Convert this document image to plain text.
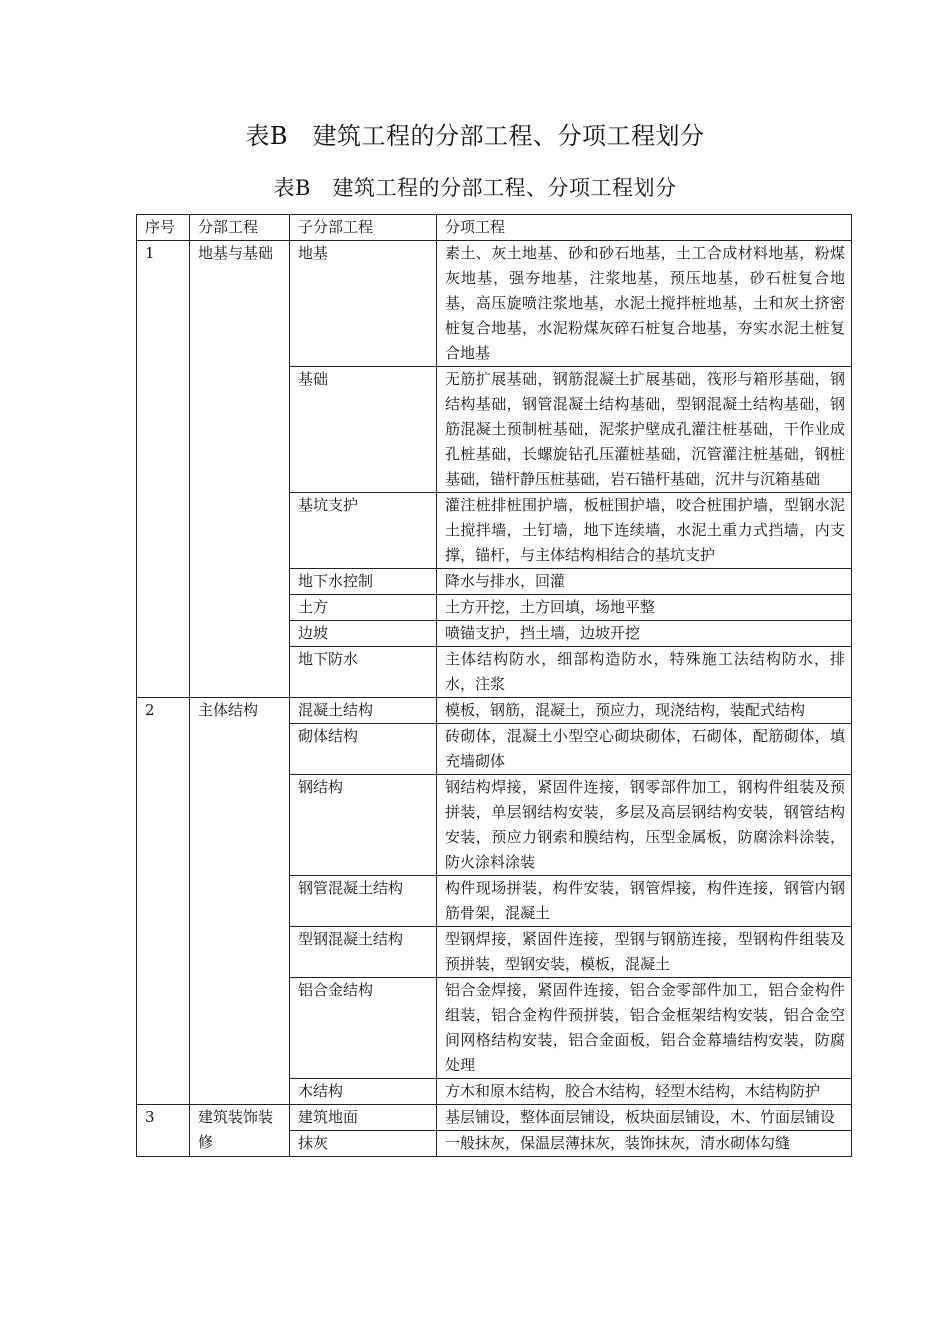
表B　建筑工程的分部工程、分项工程划分
表B　建筑工程的分部工程、分项工程划分
序号	分部工程	子分部工程	分项工程
1	地基与基础	地基	素土、灰土地基、砂和砂石地基，土工合成材料地基，粉煤灰地基，强夯地基，注浆地基，预压地基，砂石桩复合地基，高压旋喷注浆地基，水泥土搅拌桩地基，土和灰土挤密桩复合地基，水泥粉煤灰碎石桩复合地基，夯实水泥土桩复合地基
		基础	无筋扩展基础，钢筋混凝土扩展基础，筏形与箱形基础，钢结构基础，钢管混凝土结构基础，型钢混凝土结构基础，钢筋混凝土预制桩基础，泥浆护壁成孔灌注桩基础，干作业成孔桩基础，长螺旋钻孔压灌桩基础，沉管灌注桩基础，钢桩基础，锚杆静压桩基础，岩石锚杆基础，沉井与沉箱基础
		基坑支护	灌注桩排桩围护墙，板桩围护墙，咬合桩围护墙，型钢水泥土搅拌墙，土钉墙，地下连续墙，水泥土重力式挡墙，内支撑，锚杆，与主体结构相结合的基坑支护
		地下水控制	降水与排水，回灌
		土方	土方开挖，土方回填，场地平整
		边坡	喷锚支护，挡土墙，边坡开挖
		地下防水	主体结构防水，细部构造防水，特殊施工法结构防水，排水，注浆
2	主体结构	混凝土结构	模板，钢筋，混凝土，预应力，现浇结构，装配式结构
		砌体结构	砖砌体，混凝土小型空心砌块砌体，石砌体，配筋砌体，填充墙砌体
		钢结构	钢结构焊接，紧固件连接，钢零部件加工，钢构件组装及预拼装，单层钢结构安装，多层及高层钢结构安装，钢管结构安装，预应力钢索和膜结构，压型金属板，防腐涂料涂装，防火涂料涂装
		钢管混凝土结构	构件现场拼装，构件安装，钢管焊接，构件连接，钢管内钢筋骨架，混凝土
		型钢混凝土结构	型钢焊接，紧固件连接，型钢与钢筋连接，型钢构件组装及预拼装，型钢安装，模板，混凝土
		铝合金结构	铝合金焊接，紧固件连接，铝合金零部件加工，铝合金构件组装，铝合金构件预拼装，铝合金框架结构安装，铝合金空间网格结构安装，铝合金面板，铝合金幕墙结构安装，防腐处理
		木结构	方木和原木结构，胶合木结构，轻型木结构，木结构防护
3	建筑装饰装修	建筑地面	基层铺设，整体面层铺设，板块面层铺设，木、竹面层铺设
		抹灰	一般抹灰，保温层薄抹灰，装饰抹灰，清水砌体勾缝
